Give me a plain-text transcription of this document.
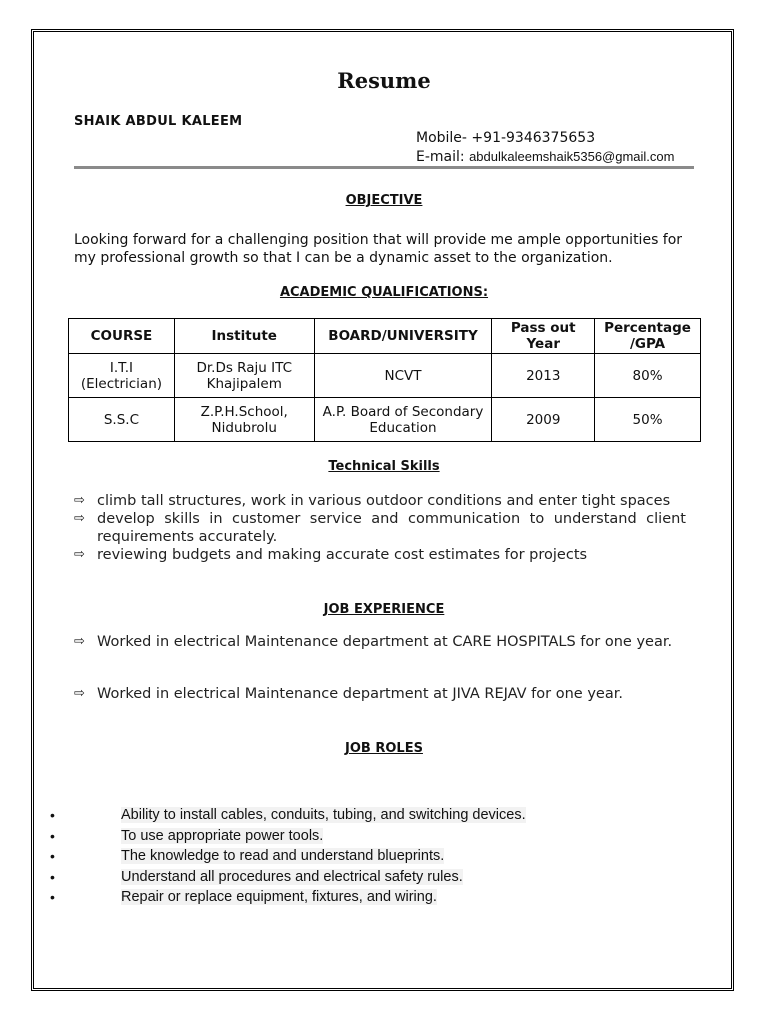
Resume
SHAIK ABDUL KALEEM
Mobile- +91-9346375653
E-mail: abdulkaleemshaik5356@gmail.com
OBJECTIVE
Looking forward for a challenging position that will provide me ample opportunities for my professional growth so that I can be a dynamic asset to the organization.
ACADEMIC QUALIFICATIONS:
COURSE	Institute	BOARD/UNIVERSITY	Pass out Year	Percentage /GPA
I.T.I (Electrician)	Dr.Ds Raju ITC Khajipalem	NCVT	2013	80%
S.S.C	Z.P.H.School, Nidubrolu	A.P. Board of Secondary Education	2009	50%
Technical Skills
⇨ climb tall structures, work in various outdoor conditions and enter tight spaces
⇨ develop skills in customer service and communication to understand client requirements accurately.
⇨ reviewing budgets and making accurate cost estimates for projects
JOB EXPERIENCE
⇨ Worked in electrical Maintenance department at CARE HOSPITALS for one year.
⇨ Worked in electrical Maintenance department at JIVA REJAV for one year.
JOB ROLES
•	Ability to install cables, conduits, tubing, and switching devices.
•	To use appropriate power tools.
•	The knowledge to read and understand blueprints.
•	Understand all procedures and electrical safety rules.
•	Repair or replace equipment, fixtures, and wiring.
